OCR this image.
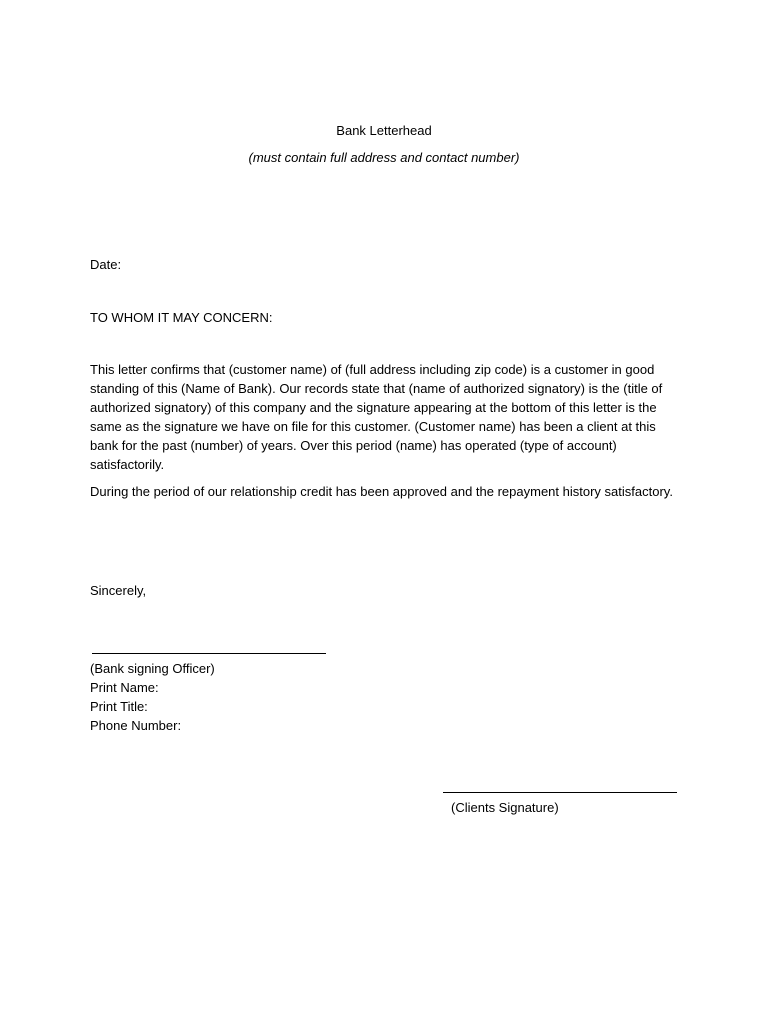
Bank Letterhead
(must contain full address and contact number)
Date:
TO WHOM IT MAY CONCERN:
This letter confirms that (customer name) of (full address including zip code) is a customer in good standing of this (Name of Bank). Our records state that (name of authorized signatory) is the (title of authorized signatory) of this company and the signature appearing at the bottom of this letter is the same as the signature we have on file for this customer. (Customer name) has been a client at this bank for the past (number) of years. Over this period (name) has operated (type of account) satisfactorily.
During the period of our relationship credit has been approved and the repayment history satisfactory.
Sincerely,
(Bank signing Officer)
Print Name:
Print Title:
Phone Number:
(Clients Signature)
